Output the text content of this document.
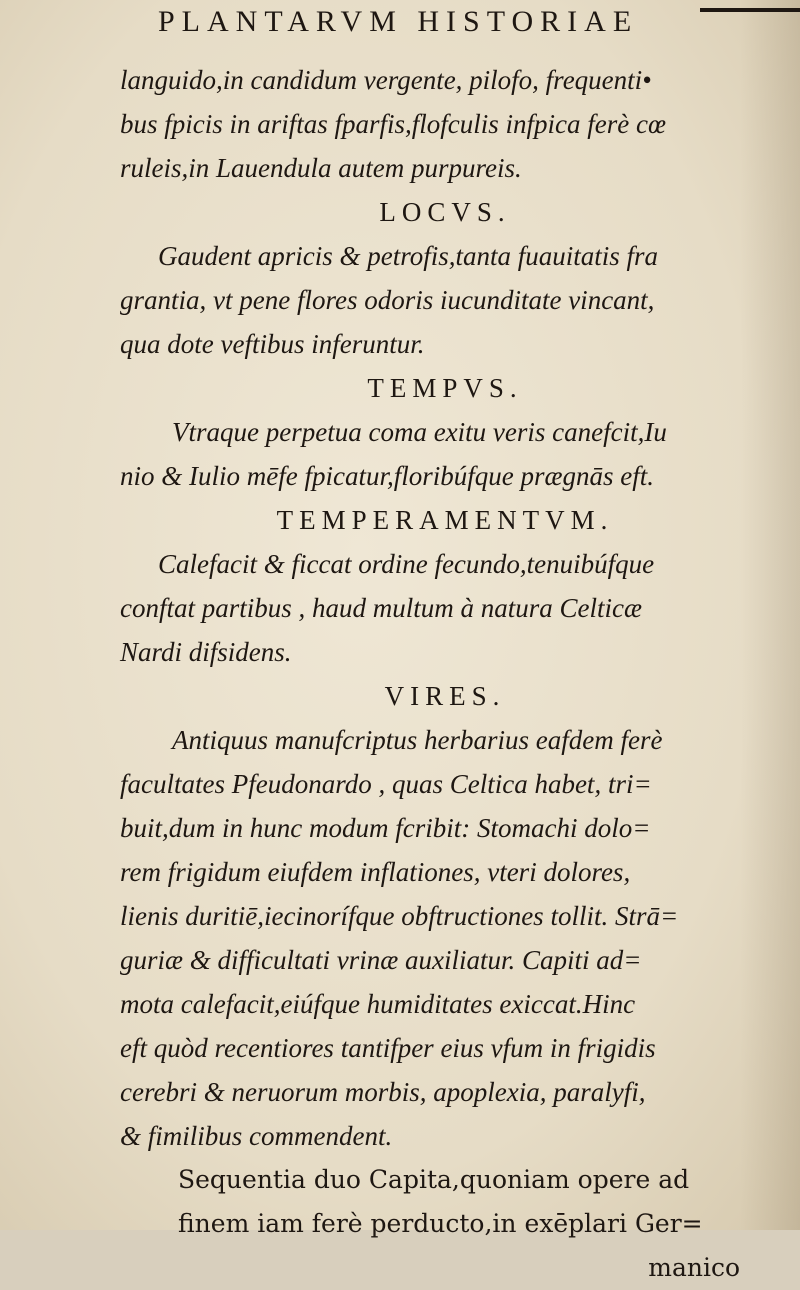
PLANTARVM HISTORIAE
languido,in candidum vergente, pilofo, frequenti•
bus fpicis in ariftas fparfis,flofculis infpica ferè cœ
ruleis,in Lauendula autem purpureis.
LOCVS.
Gaudent apricis & petrofis,tanta fuauitatis fra
grantia, vt pene flores odoris iucunditate vincant,
qua dote veftibus inferuntur.
TEMPVS.
Vtraque perpetua coma exitu veris canefcit,Iu
nio & Iulio mēfe fpicatur,floribúfque prægnās eft.
TEMPERAMENTVM.
Calefacit & ficcat ordine fecundo,tenuibúfque
conftat partibus , haud multum à natura Celticæ
Nardi difsidens.
VIRES.
Antiquus manufcriptus herbarius eafdem ferè
facultates Pfeudonardo , quas Celtica habet, tri=
buit,dum in hunc modum fcribit: Stomachi dolo=
rem frigidum eiufdem inflationes, vteri dolores,
lienis duritiē,iecinorífque obftructiones tollit. Strā=
guriæ & difficultati vrinæ auxiliatur. Capiti ad=
mota calefacit,eiúfque humiditates exiccat.Hinc
eft quòd recentiores tantifper eius vfum in frigidis
cerebri & neruorum morbis, apoplexia, paralyfi,
& fimilibus commendent.
Sequentia duo Capita,quoniam opere ad
finem iam ferè perducto,in exēplari Ger=
manico
